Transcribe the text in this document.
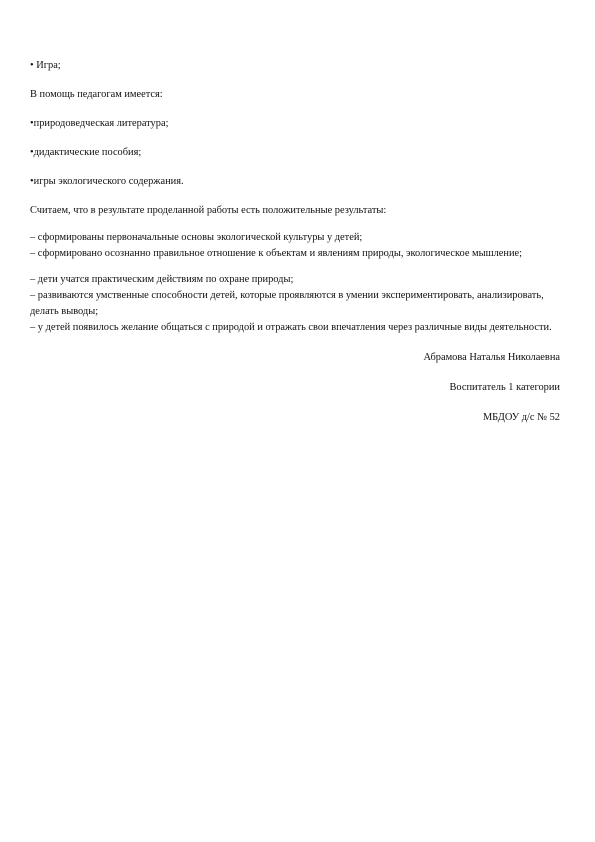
• Игра;

В помощь педагогам имеется:

•природоведческая литература;

•дидактические пособия;

•игры экологического содержания.

Считаем, что в результате проделанной работы есть положительные результаты:

– сформированы первоначальные основы экологической культуры у детей;

– сформировано осознанно правильное отношение к объектам и явлениям природы, экологическое мышление;

– дети учатся практическим действиям по охране природы;

– развиваются умственные способности детей, которые проявляются в умении экспериментировать, анализировать, делать выводы;

– у детей появилось желание общаться с природой и отражать свои впечатления через различные виды деятельности.

Абрамова Наталья Николаевна

Воспитатель 1 категории

МБДОУ д/с № 52
